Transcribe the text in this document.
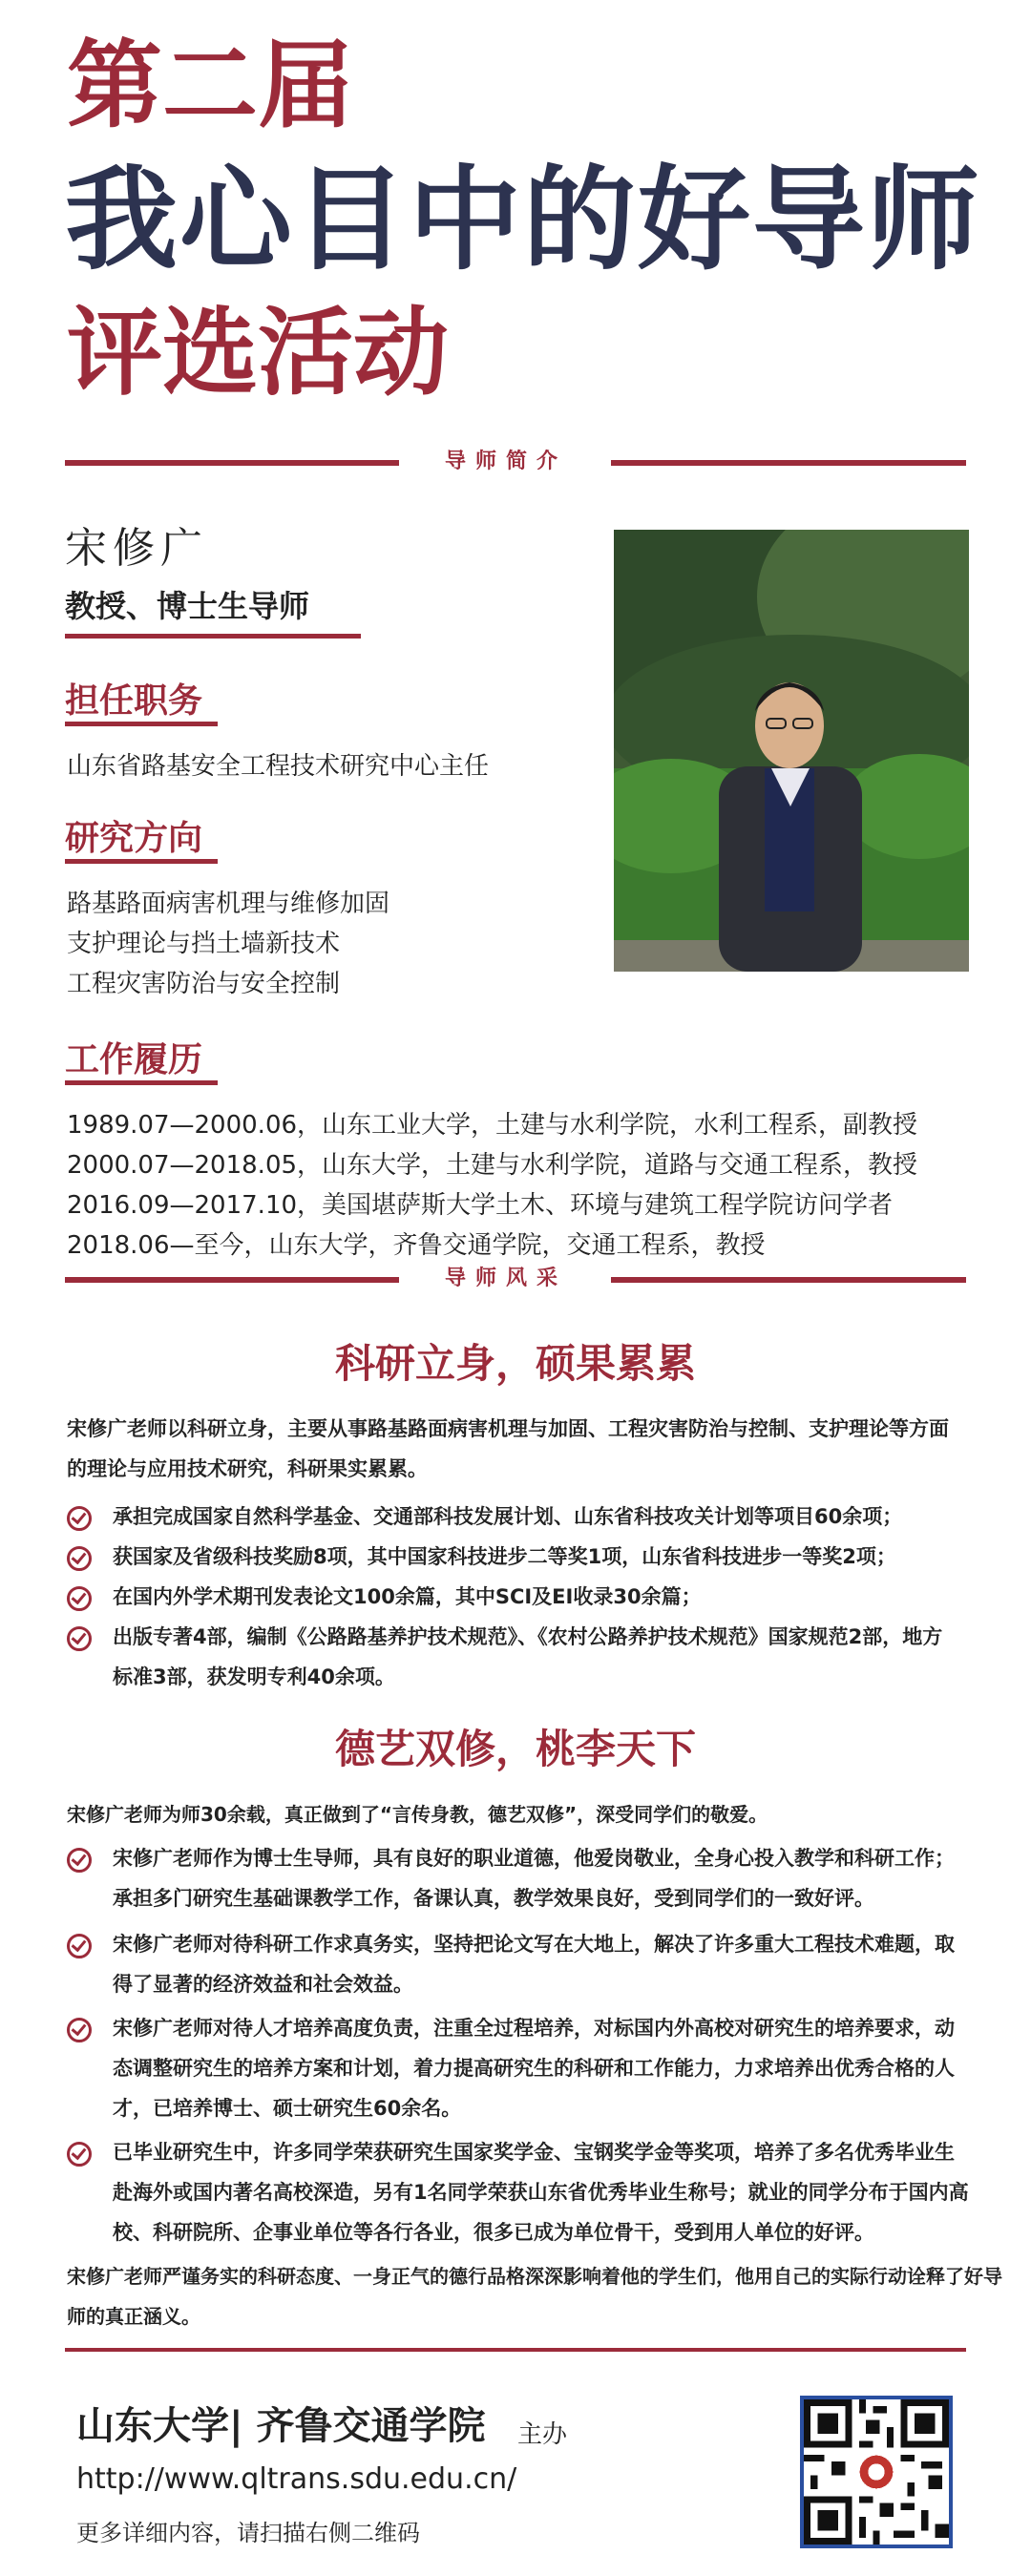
第二届
我心目中的好导师
评选活动
导师简介
宋修广
教授、博士生导师
担任职务
山东省路基安全工程技术研究中心主任
研究方向
路基路面病害机理与维修加固
支护理论与挡土墙新技术
工程灾害防治与安全控制
工作履历
1989.07—2000.06，山东工业大学，土建与水利学院，水利工程系，副教授
2000.07—2018.05，山东大学，土建与水利学院，道路与交通工程系，教授
2016.09—2017.10，美国堪萨斯大学土木、环境与建筑工程学院访问学者
2018.06—至今，山东大学，齐鲁交通学院，交通工程系，教授
导师风采
科研立身，硕果累累
宋修广老师以科研立身，主要从事路基路面病害机理与加固、工程灾害防治与控制、支护理论等方面
的理论与应用技术研究，科研果实累累。
承担完成国家自然科学基金、交通部科技发展计划、山东省科技攻关计划等项目60余项；
获国家及省级科技奖励8项，其中国家科技进步二等奖1项，山东省科技进步一等奖2项；
在国内外学术期刊发表论文100余篇，其中SCI及EI收录30余篇；
出版专著4部，编制《公路路基养护技术规范》、《农村公路养护技术规范》国家规范2部，地方
标准3部，获发明专利40余项。
德艺双修，桃李天下
宋修广老师为师30余载，真正做到了“言传身教，德艺双修”，深受同学们的敬爱。
宋修广老师作为博士生导师，具有良好的职业道德，他爱岗敬业，全身心投入教学和科研工作；
承担多门研究生基础课教学工作，备课认真，教学效果良好，受到同学们的一致好评。
宋修广老师对待科研工作求真务实，坚持把论文写在大地上，解决了许多重大工程技术难题，取
得了显著的经济效益和社会效益。
宋修广老师对待人才培养高度负责，注重全过程培养，对标国内外高校对研究生的培养要求，动
态调整研究生的培养方案和计划，着力提高研究生的科研和工作能力，力求培养出优秀合格的人
才，已培养博士、硕士研究生60余名。
已毕业研究生中，许多同学荣获研究生国家奖学金、宝钢奖学金等奖项，培养了多名优秀毕业生
赴海外或国内著名高校深造，另有1名同学荣获山东省优秀毕业生称号；就业的同学分布于国内高
校、科研院所、企事业单位等各行各业，很多已成为单位骨干，受到用人单位的好评。
宋修广老师严谨务实的科研态度、一身正气的德行品格深深影响着他的学生们，他用自己的实际行动诠释了好导
师的真正涵义。
山东大学| 齐鲁交通学院 主办
http://www.qltrans.sdu.edu.cn/
更多详细内容，请扫描右侧二维码
